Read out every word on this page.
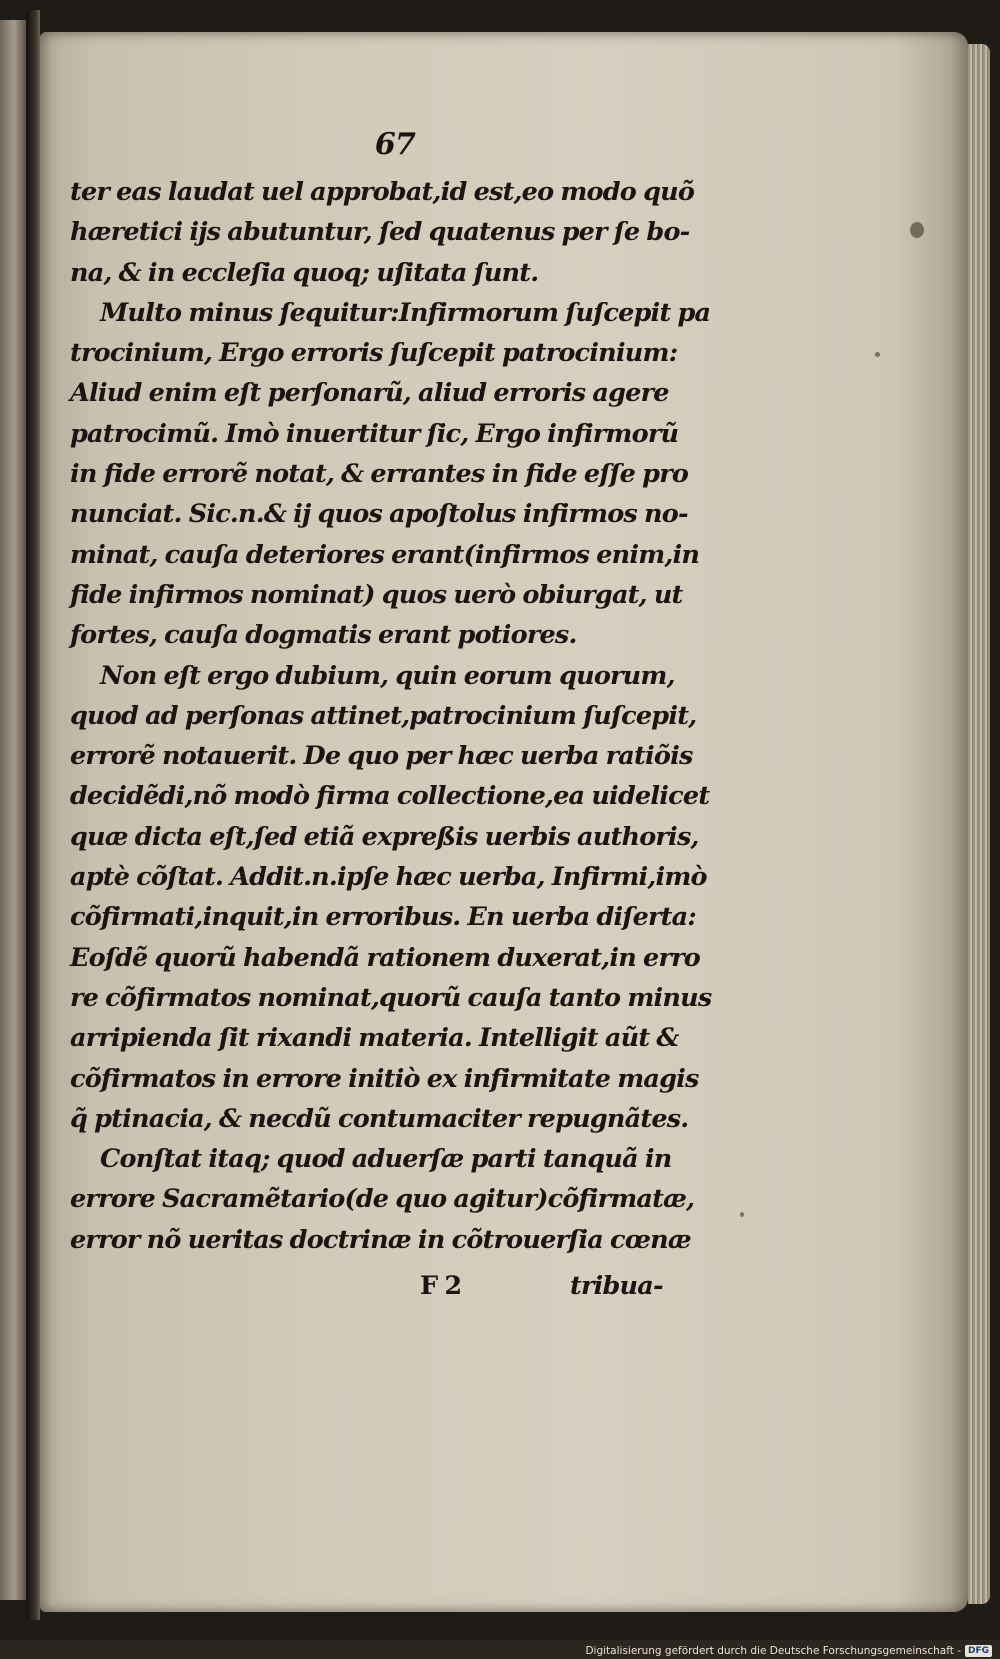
67
ter eas laudat uel approbat,id est,eo modo quõ
hæretici ijs abutuntur, ſed quatenus per ſe bo-
na, & in eccleſia quoq; uſitata ſunt.
Multo minus ſequitur:Infirmorum ſuſcepit pa
trocinium, Ergo erroris ſuſcepit patrocinium:
Aliud enim eſt perſonarũ, aliud erroris agere
patrocimũ. Imò inuertitur ſic, Ergo infirmorũ
in fide errorẽ notat, & errantes in fide eſſe pro
nunciat. Sic.n.& ij quos apoſtolus infirmos no-
minat, cauſa deteriores erant(infirmos enim,in
fide infirmos nominat) quos uerò obiurgat, ut
fortes, cauſa dogmatis erant potiores.
Non eſt ergo dubium, quin eorum quorum,
quod ad perſonas attinet,patrocinium ſuſcepit,
errorẽ notauerit. De quo per hæc uerba ratiõis
decidẽdi,nõ modò firma collectione,ea uidelicet
quæ dicta eſt,ſed etiã expreßis uerbis authoris,
aptè cõſtat. Addit.n.ipſe hæc uerba, Infirmi,imò
cõfirmati,inquit,in erroribus. En uerba diſerta:
Eoſdẽ quorũ habendã rationem duxerat,in erro
re cõfirmatos nominat,quorũ cauſa tanto minus
arripienda ſit rixandi materia. Intelligit aũt &
cõfirmatos in errore initiò ex infirmitate magis
q̃ ptinacia, & necdũ contumaciter repugnãtes.
Conſtat itaq; quod aduerſæ parti tanquã in
errore Sacramẽtario(de quo agitur)cõfirmatæ,
error nõ ueritas doctrinæ in cõtrouerſia cœnæ
F 2	tribua-
Digitalisierung gefördert durch die Deutsche Forschungsgemeinschaft - DFG
